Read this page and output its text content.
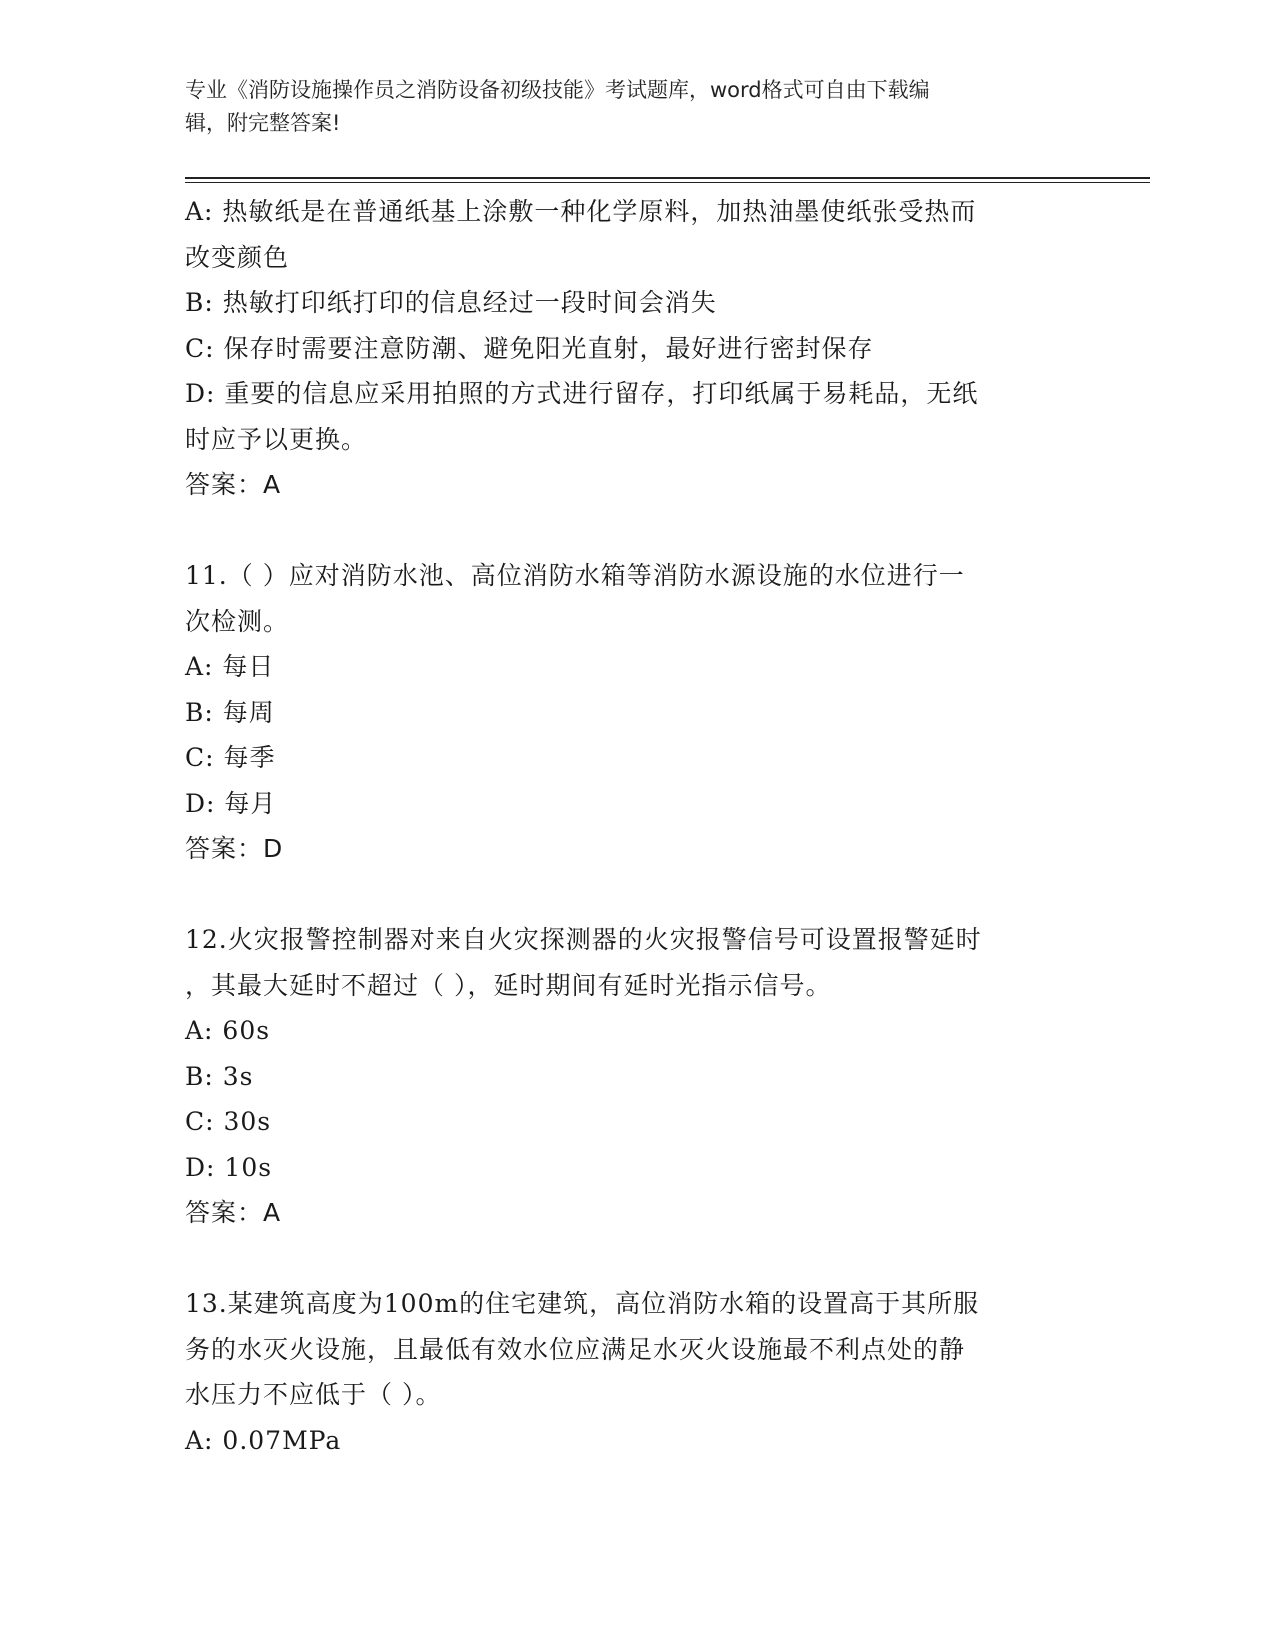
专业《消防设施操作员之消防设备初级技能》考试题库，word格式可自由下载编
辑，附完整答案!
A: 热敏纸是在普通纸基上涂敷一种化学原料，加热油墨使纸张受热而
改变颜色
B: 热敏打印纸打印的信息经过一段时间会消失
C: 保存时需要注意防潮、避免阳光直射，最好进行密封保存
D: 重要的信息应采用拍照的方式进行留存，打印纸属于易耗品，无纸
时应予以更换。
答案：A
11.（ ）应对消防水池、高位消防水箱等消防水源设施的水位进行一
次检测。
A: 每日
B: 每周
C: 每季
D: 每月
答案：D
12.火灾报警控制器对来自火灾探测器的火灾报警信号可设置报警延时
，其最大延时不超过（ ），延时期间有延时光指示信号。
A: 60s
B: 3s
C: 30s
D: 10s
答案：A
13.某建筑高度为100m的住宅建筑，高位消防水箱的设置高于其所服
务的水灭火设施，且最低有效水位应满足水灭火设施最不利点处的静
水压力不应低于（ ）。
A: 0.07MPa
